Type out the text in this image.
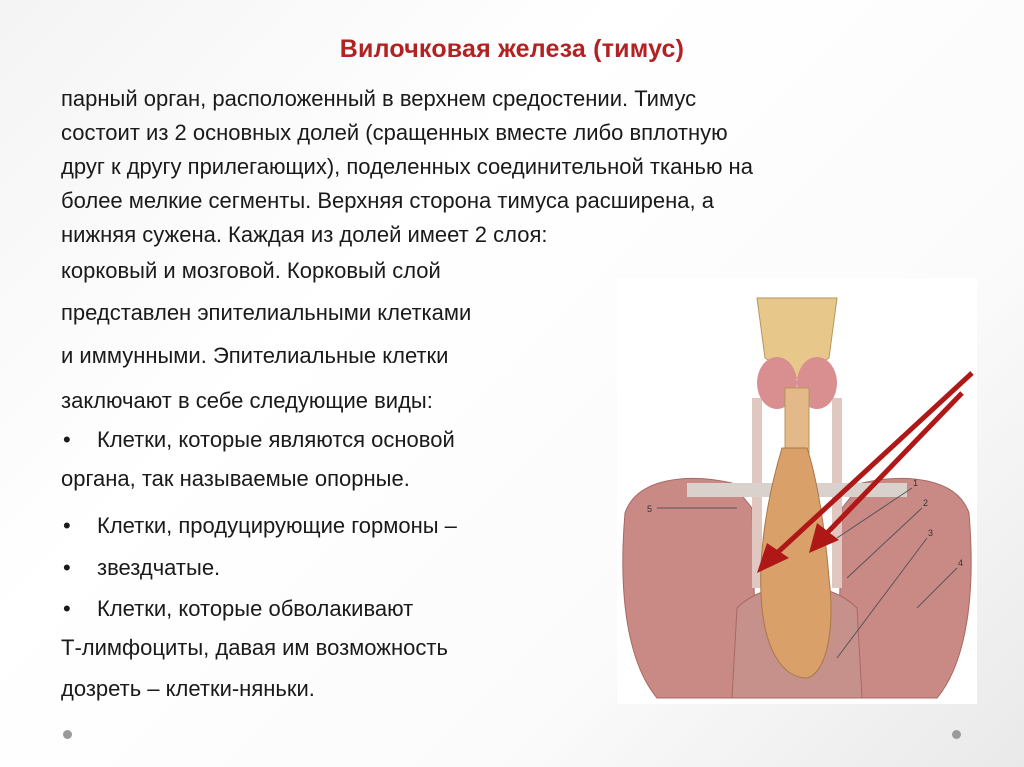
Вилочковая железа (тимус)
парный орган, расположенный в верхнем средостении. Тимус
состоит из 2 основных долей (сращенных вместе либо вплотную
друг к другу прилегающих), поделенных соединительной тканью на
более мелкие сегменты. Верхняя сторона тимуса расширена, а
нижняя сужена. Каждая из долей имеет 2 слоя:
корковый и мозговой. Корковый слой
представлен эпителиальными клетками
и иммунными. Эпителиальные клетки
заключают в себе следующие виды:
• Клетки, которые являются основой
органа, так называемые опорные.
• Клетки, продуцирующие гормоны –
• звездчатые.
• Клетки, которые обволакивают
Т-лимфоциты, давая им возможность
дозреть – клетки-няньки.
5
1
2
3
4
